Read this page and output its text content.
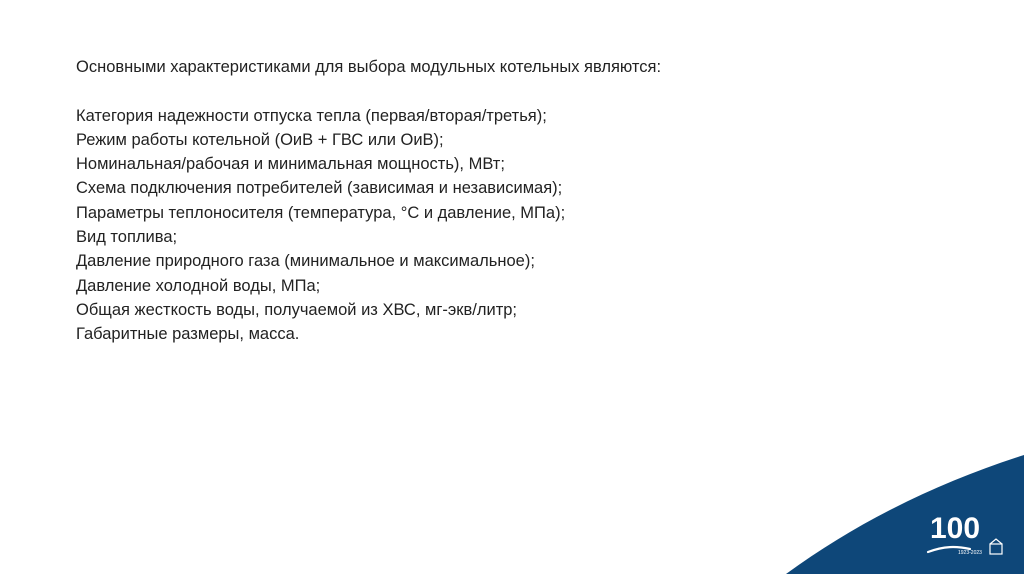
Основными характеристиками для выбора модульных котельных являются:

Категория надежности отпуска тепла (первая/вторая/третья);
Режим работы котельной (ОиВ + ГВС или ОиВ);
Номинальная/рабочая и минимальная мощность), МВт;
Схема подключения потребителей (зависимая и независимая);
Параметры теплоносителя (температура, °С и давление, МПа);
Вид топлива;
Давление природного газа (минимальное и максимальное);
Давление холодной воды, МПа;
Общая жесткость воды, получаемой из ХВС, мг-экв/литр;
Габаритные размеры, масса.
100
1923-2023
